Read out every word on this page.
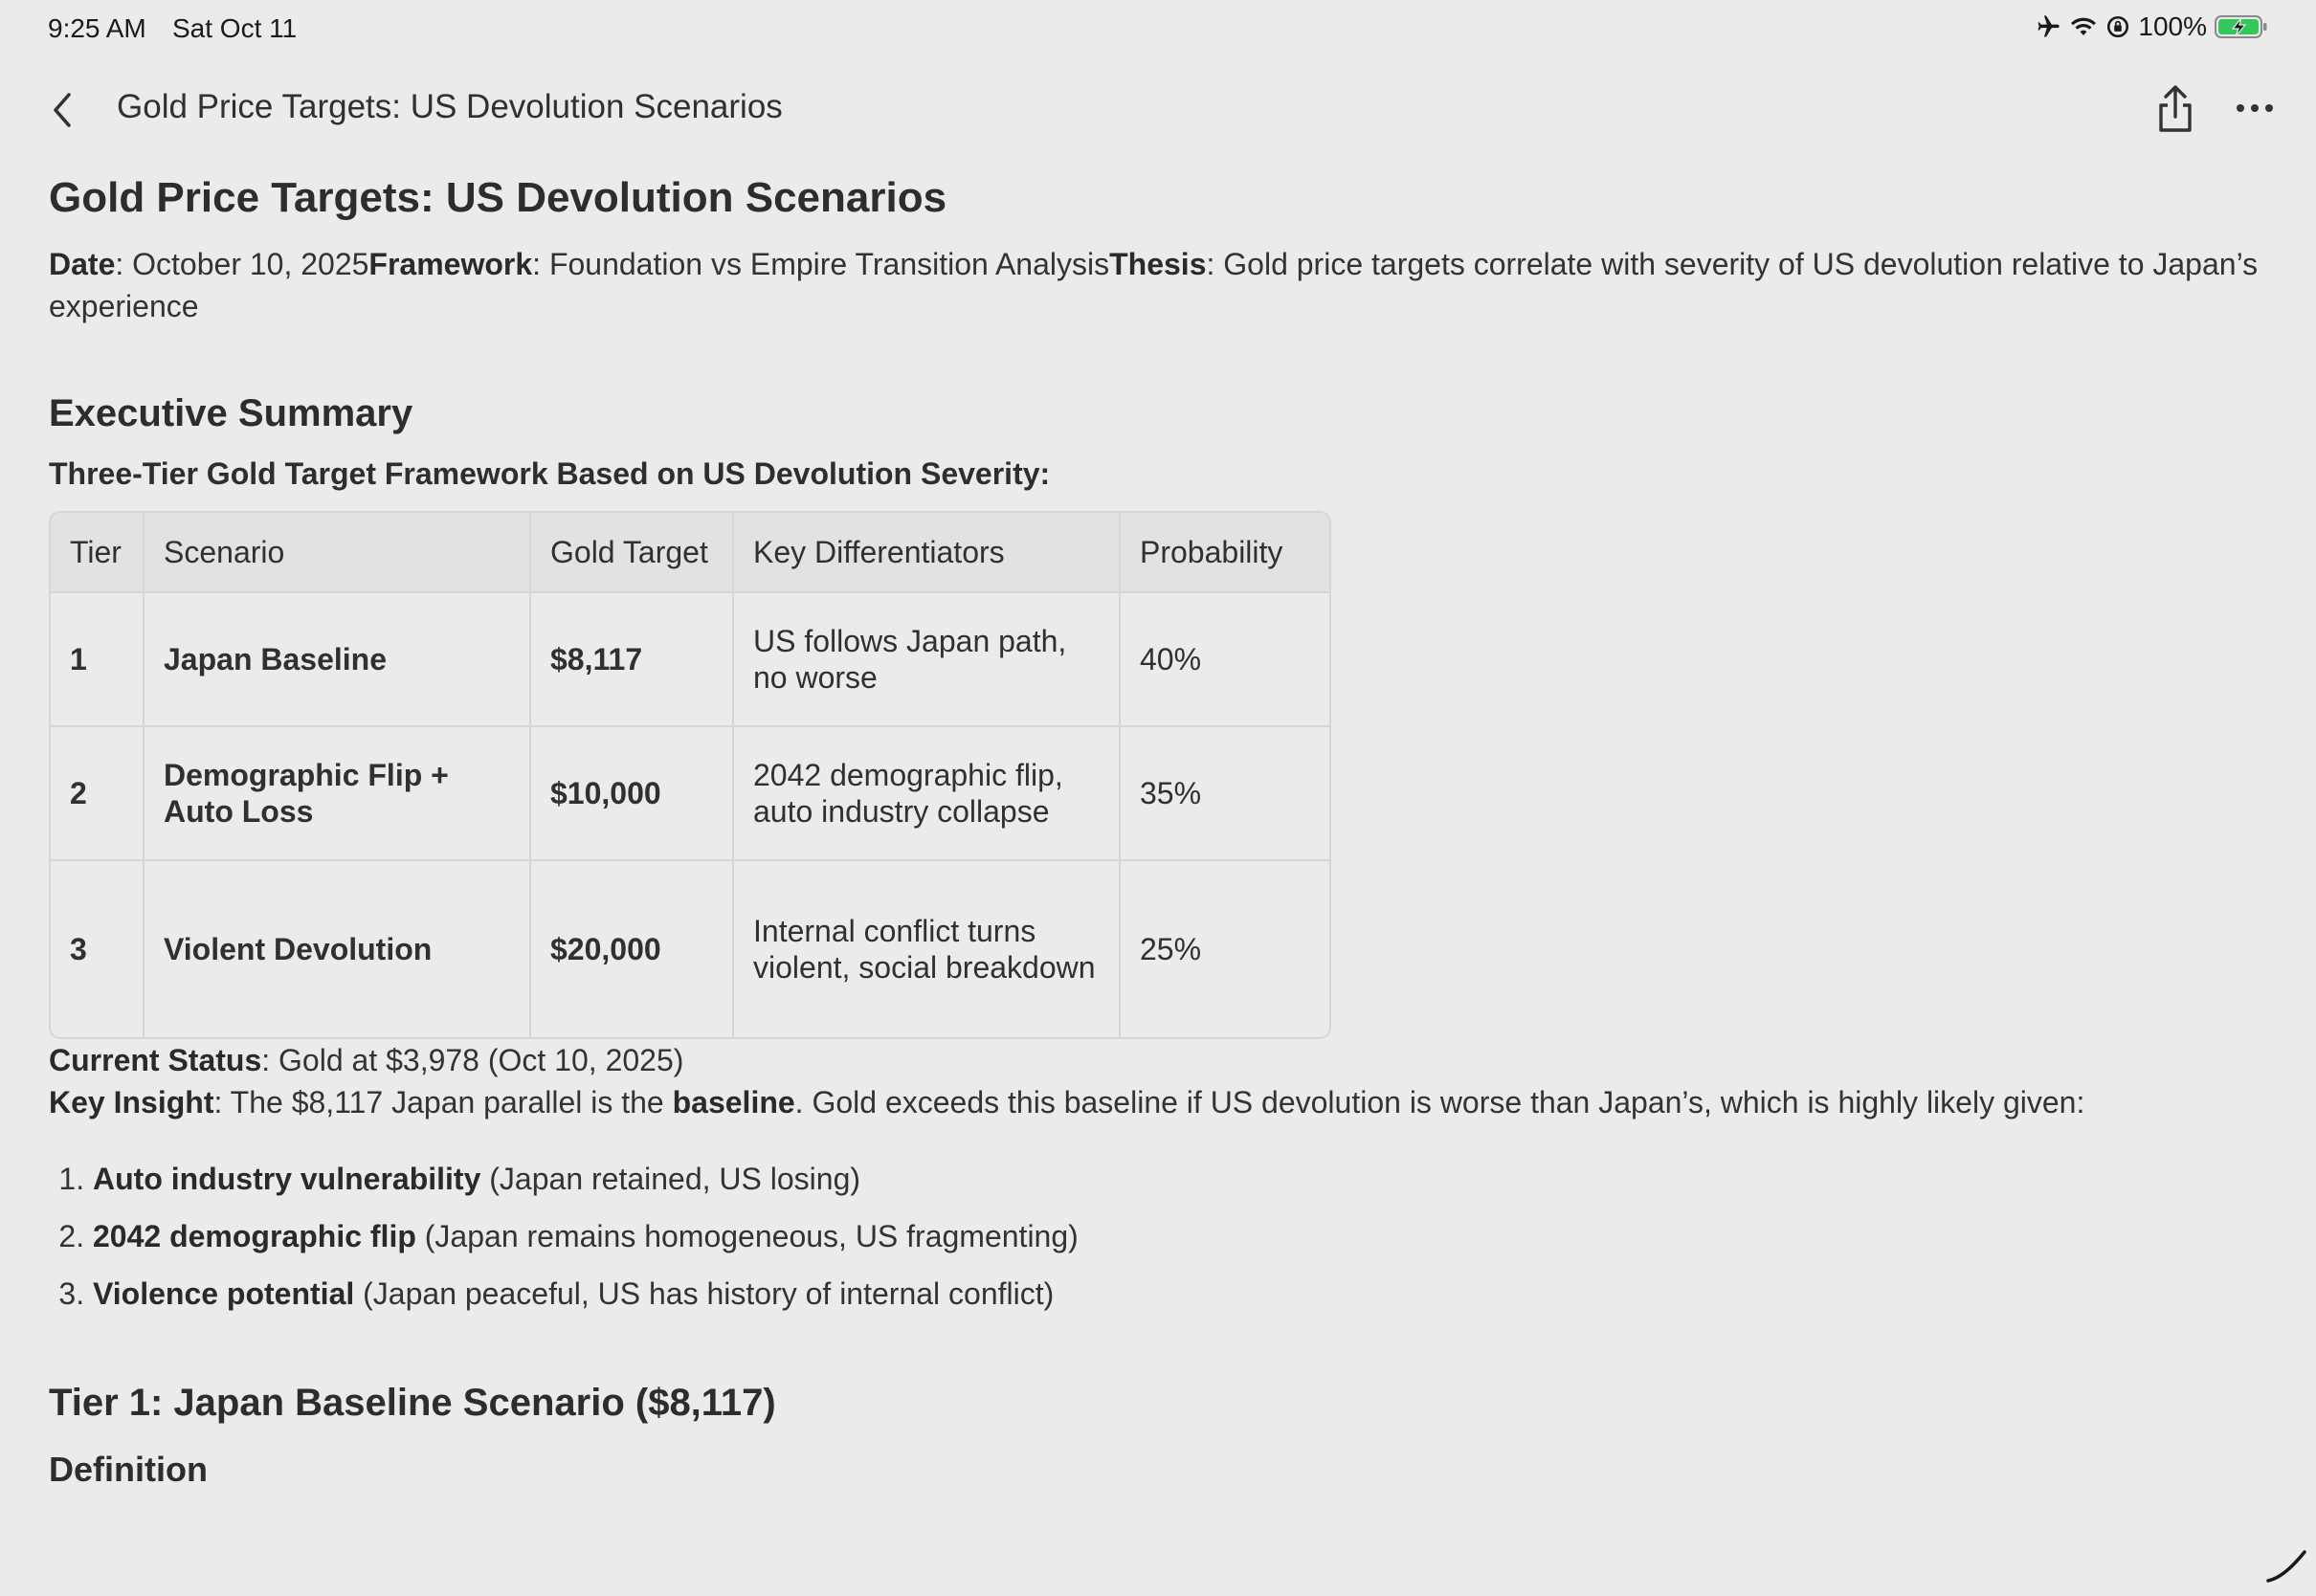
9:25 AM Sat Oct 11	100%
Gold Price Targets: US Devolution Scenarios
Gold Price Targets: US Devolution Scenarios
Date: October 10, 2025Framework: Foundation vs Empire Transition AnalysisThesis: Gold price targets correlate with severity of US devolution relative to Japan’s experience
Executive Summary
Three-Tier Gold Target Framework Based on US Devolution Severity:
Tier	Scenario	Gold Target	Key Differentiators	Probability
1	Japan Baseline	$8,117	US follows Japan path, no worse	40%
2	Demographic Flip + Auto Loss	$10,000	2042 demographic flip, auto industry collapse	35%
3	Violent Devolution	$20,000	Internal conflict turns violent, social breakdown	25%

Current Status: Gold at $3,978 (Oct 10, 2025)

Key Insight: The $8,117 Japan parallel is the baseline. Gold exceeds this baseline if US devolution is worse than Japan’s, which is highly likely given:

1. Auto industry vulnerability (Japan retained, US losing)
2. 2042 demographic flip (Japan remains homogeneous, US fragmenting)
3. Violence potential (Japan peaceful, US has history of internal conflict)
Tier 1: Japan Baseline Scenario ($8,117)
Definition
